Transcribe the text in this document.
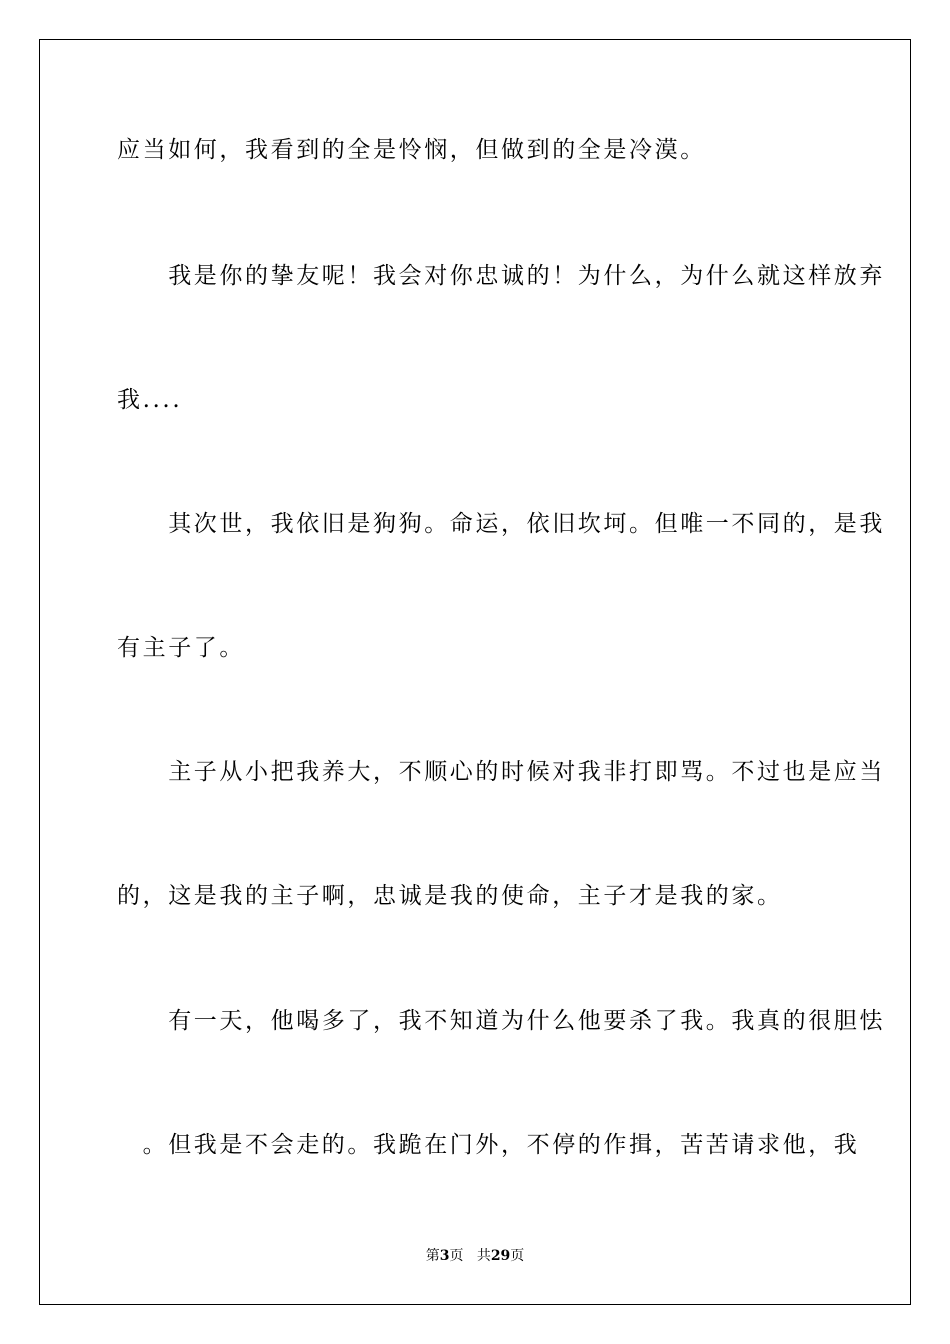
应当如何，我看到的全是怜悯，但做到的全是冷漠。
　　我是你的挚友呢！我会对你忠诚的！为什么，为什么就这样放弃
我....
　　其次世，我依旧是狗狗。命运，依旧坎坷。但唯一不同的，是我
有主子了。
　　主子从小把我养大，不顺心的时候对我非打即骂。不过也是应当
的，这是我的主子啊，忠诚是我的使命，主子才是我的家。
　　有一天，他喝多了，我不知道为什么他要杀了我。我真的很胆怯
　。但我是不会走的。我跪在门外，不停的作揖，苦苦请求他，我
第3页 共29页
